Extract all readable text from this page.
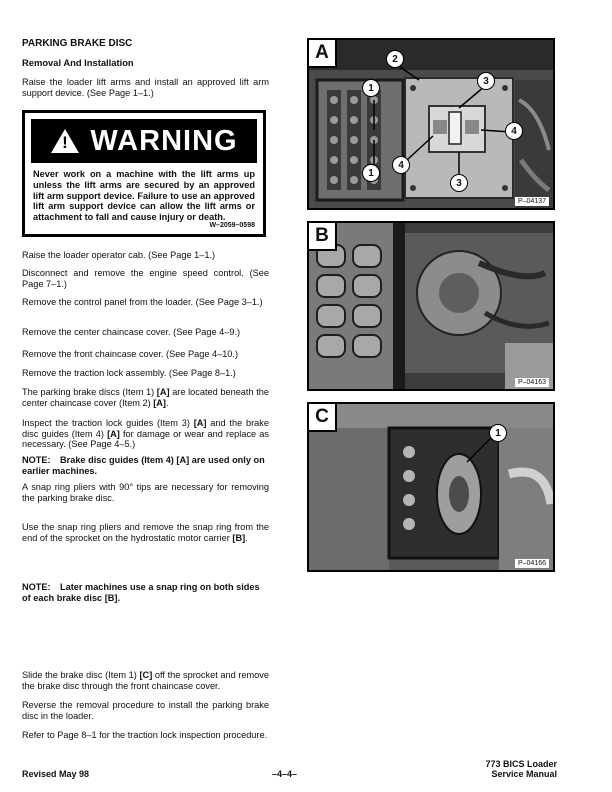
PARKING BRAKE DISC
Removal And Installation

Raise the loader lift arms and install an approved lift arm support device. (See Page 1–1.)

! WARNING
Never work on a machine with the lift arms up unless the lift arms are secured by an approved lift arm support device. Failure to use an approved lift arm support device can allow the lift arms or attachment to fall and cause injury or death.
W–2059–0598

Raise the loader operator cab. (See Page 1–1.)

Disconnect and remove the engine speed control. (See Page 7–1.)

Remove the control panel from the loader. (See Page 3–1.)

Remove the center chaincase cover. (See Page 4–9.)

Remove the front chaincase cover. (See Page 4–10.)

Remove the traction lock assembly. (See Page 8–1.)

The parking brake discs (Item 1) [A] are located beneath the center chaincase cover (Item 2) [A].

Inspect the traction lock guides (Item 3) [A] and the brake disc guides (Item 4) [A] for damage or wear and replace as necessary. (See Page 4–5.)

NOTE: Brake disc guides (Item 4) [A] are used only on earlier machines.

A snap ring pliers with 90° tips are necessary for removing the parking brake disc.

Use the snap ring pliers and remove the snap ring from the end of the sprocket on the hydrostatic motor carrier [B].

NOTE: Later machines use a snap ring on both sides of each brake disc [B].

Slide the brake disc (Item 1) [C] off the sprocket and remove the brake disc through the front chaincase cover.

Reverse the removal procedure to install the parking brake disc in the loader.

Refer to Page 8–1 for the traction lock inspection procedure.

A
1
2
3
4
1
4
3
P–04137
B
P–04163
C
1
P–04166
Revised May 98	–4–4–
773 BICS Loader
Service Manual
